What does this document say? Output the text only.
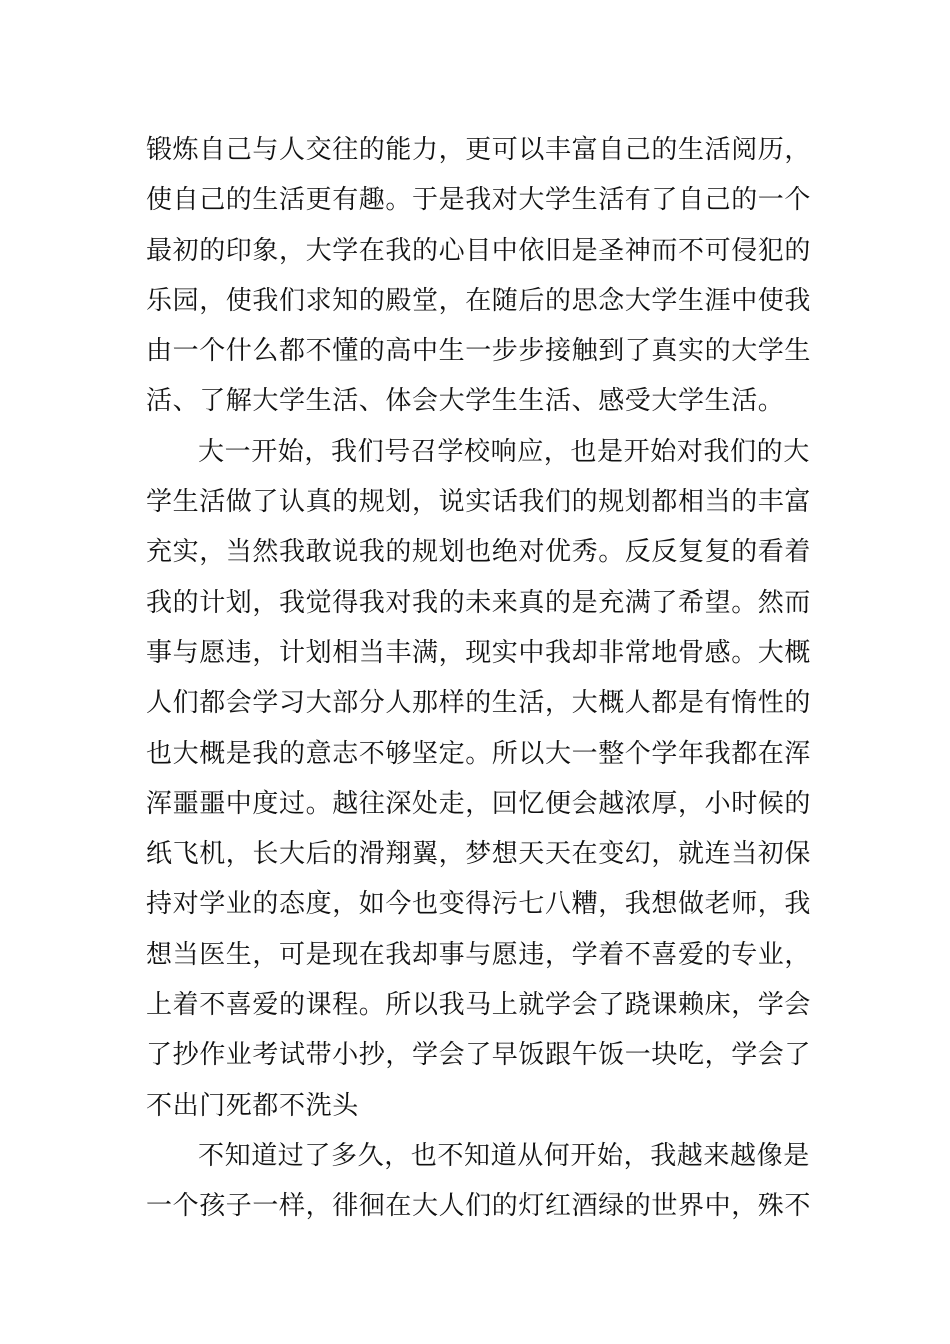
锻炼自己与人交往的能力，更可以丰富自己的生活阅历，
使自己的生活更有趣。于是我对大学生活有了自己的一个
最初的印象，大学在我的心目中依旧是圣神而不可侵犯的
乐园，使我们求知的殿堂，在随后的思念大学生涯中使我
由一个什么都不懂的高中生一步步接触到了真实的大学生
活、了解大学生活、体会大学生生活、感受大学生活。
大一开始，我们号召学校响应，也是开始对我们的大
学生活做了认真的规划，说实话我们的规划都相当的丰富
充实，当然我敢说我的规划也绝对优秀。反反复复的看着
我的计划，我觉得我对我的未来真的是充满了希望。然而
事与愿违，计划相当丰满，现实中我却非常地骨感。大概
人们都会学习大部分人那样的生活，大概人都是有惰性的
也大概是我的意志不够坚定。所以大一整个学年我都在浑
浑噩噩中度过。越往深处走，回忆便会越浓厚，小时候的
纸飞机，长大后的滑翔翼，梦想天天在变幻，就连当初保
持对学业的态度，如今也变得污七八糟，我想做老师，我
想当医生，可是现在我却事与愿违，学着不喜爱的专业，
上着不喜爱的课程。所以我马上就学会了跷课赖床，学会
了抄作业考试带小抄，学会了早饭跟午饭一块吃，学会了
不出门死都不洗头
不知道过了多久，也不知道从何开始，我越来越像是
一个孩子一样，徘徊在大人们的灯红酒绿的世界中，殊不
